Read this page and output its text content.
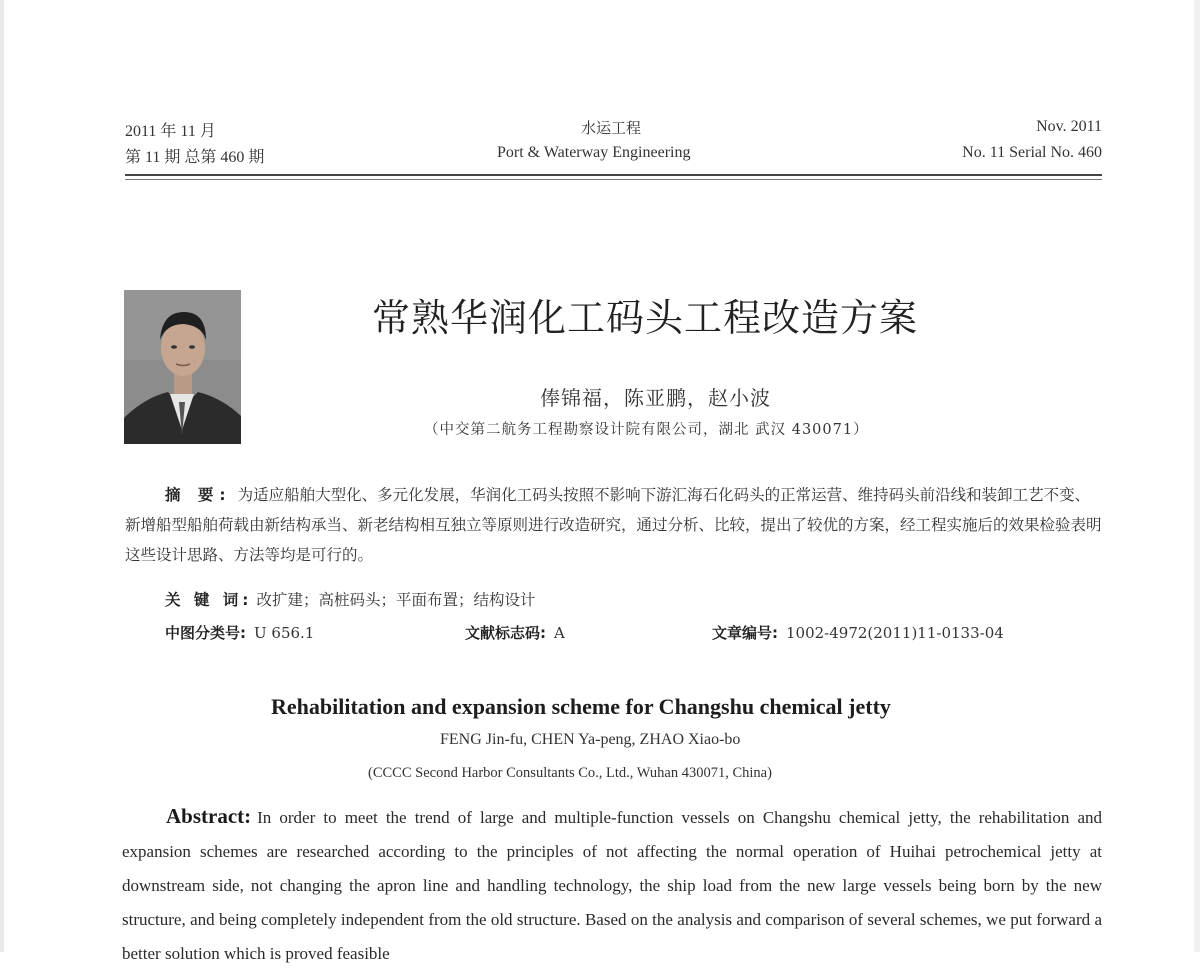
2011 年 11 月
第 11 期 总第 460 期
水运工程
Port & Waterway Engineering
Nov. 2011
No. 11 Serial No. 460
常熟华润化工码头工程改造方案
俸锦福，陈亚鹏，赵小波
（中交第二航务工程勘察设计院有限公司，湖北 武汉 430071）
摘 要: 为适应船舶大型化、多元化发展，华润化工码头按照不影响下游汇海石化码头的正常运营、维持码头前沿线和装卸工艺不变、新增船型船舶荷载由新结构承当、新老结构相互独立等原则进行改造研究，通过分析、比较，提出了较优的方案，经工程实施后的效果检验表明这些设计思路、方法等均是可行的。
关 键 词: 改扩建；高桩码头；平面布置；结构设计
中图分类号: U 656.1	文献标志码: A	文章编号: 1002-4972(2011)11-0133-04
Rehabilitation and expansion scheme for Changshu chemical jetty
FENG Jin-fu, CHEN Ya-peng, ZHAO Xiao-bo
(CCCC Second Harbor Consultants Co., Ltd., Wuhan 430071, China)
Abstract: In order to meet the trend of large and multiple-function vessels on Changshu chemical jetty, the rehabilitation and expansion schemes are researched according to the principles of not affecting the normal operation of Huihai petrochemical jetty at downstream side, not changing the apron line and handling technology, the ship load from the new large vessels being born by the new structure, and being completely independent from the old structure. Based on the analysis and comparison of several schemes, we put forward a better solution which is proved feasible
